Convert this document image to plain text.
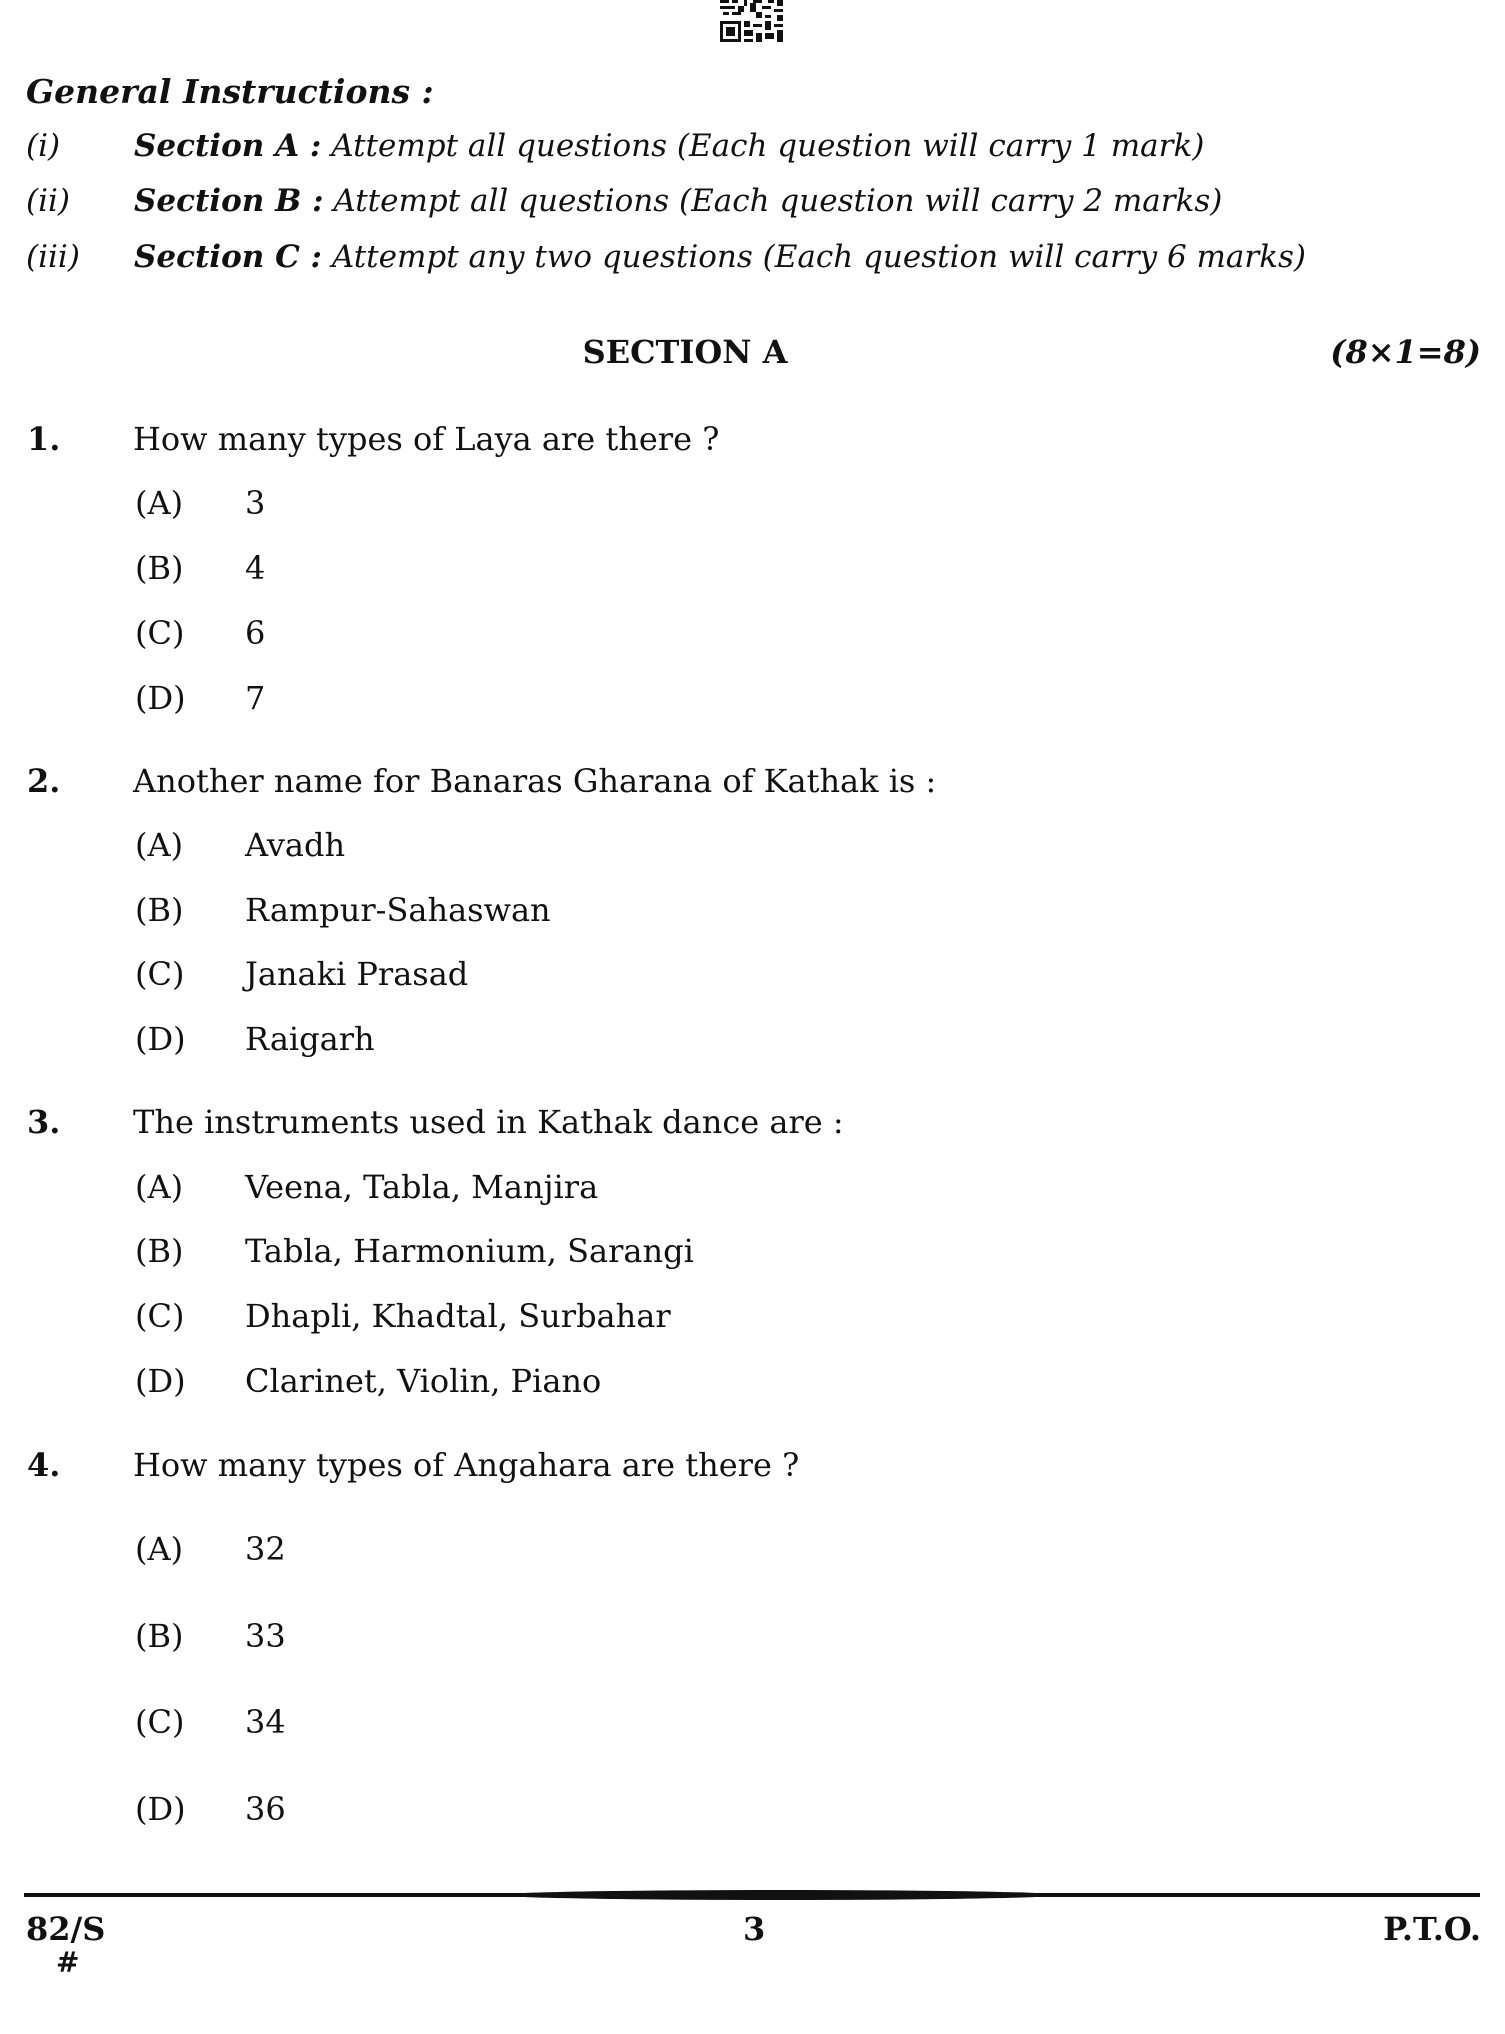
General Instructions :
(i) Section A : Attempt all questions (Each question will carry 1 mark)
(ii) Section B : Attempt all questions (Each question will carry 2 marks)
(iii) Section C : Attempt any two questions (Each question will carry 6 marks)
SECTION A	(8×1=8)
1. How many types of Laya are there ?
(A) 3
(B) 4
(C) 6
(D) 7
2. Another name for Banaras Gharana of Kathak is :
(A) Avadh
(B) Rampur-Sahaswan
(C) Janaki Prasad
(D) Raigarh
3. The instruments used in Kathak dance are :
(A) Veena, Tabla, Manjira
(B) Tabla, Harmonium, Sarangi
(C) Dhapli, Khadtal, Surbahar
(D) Clarinet, Violin, Piano
4. How many types of Angahara are there ?
(A) 32
(B) 33
(C) 34
(D) 36
82/S	3	P.T.O.
#
